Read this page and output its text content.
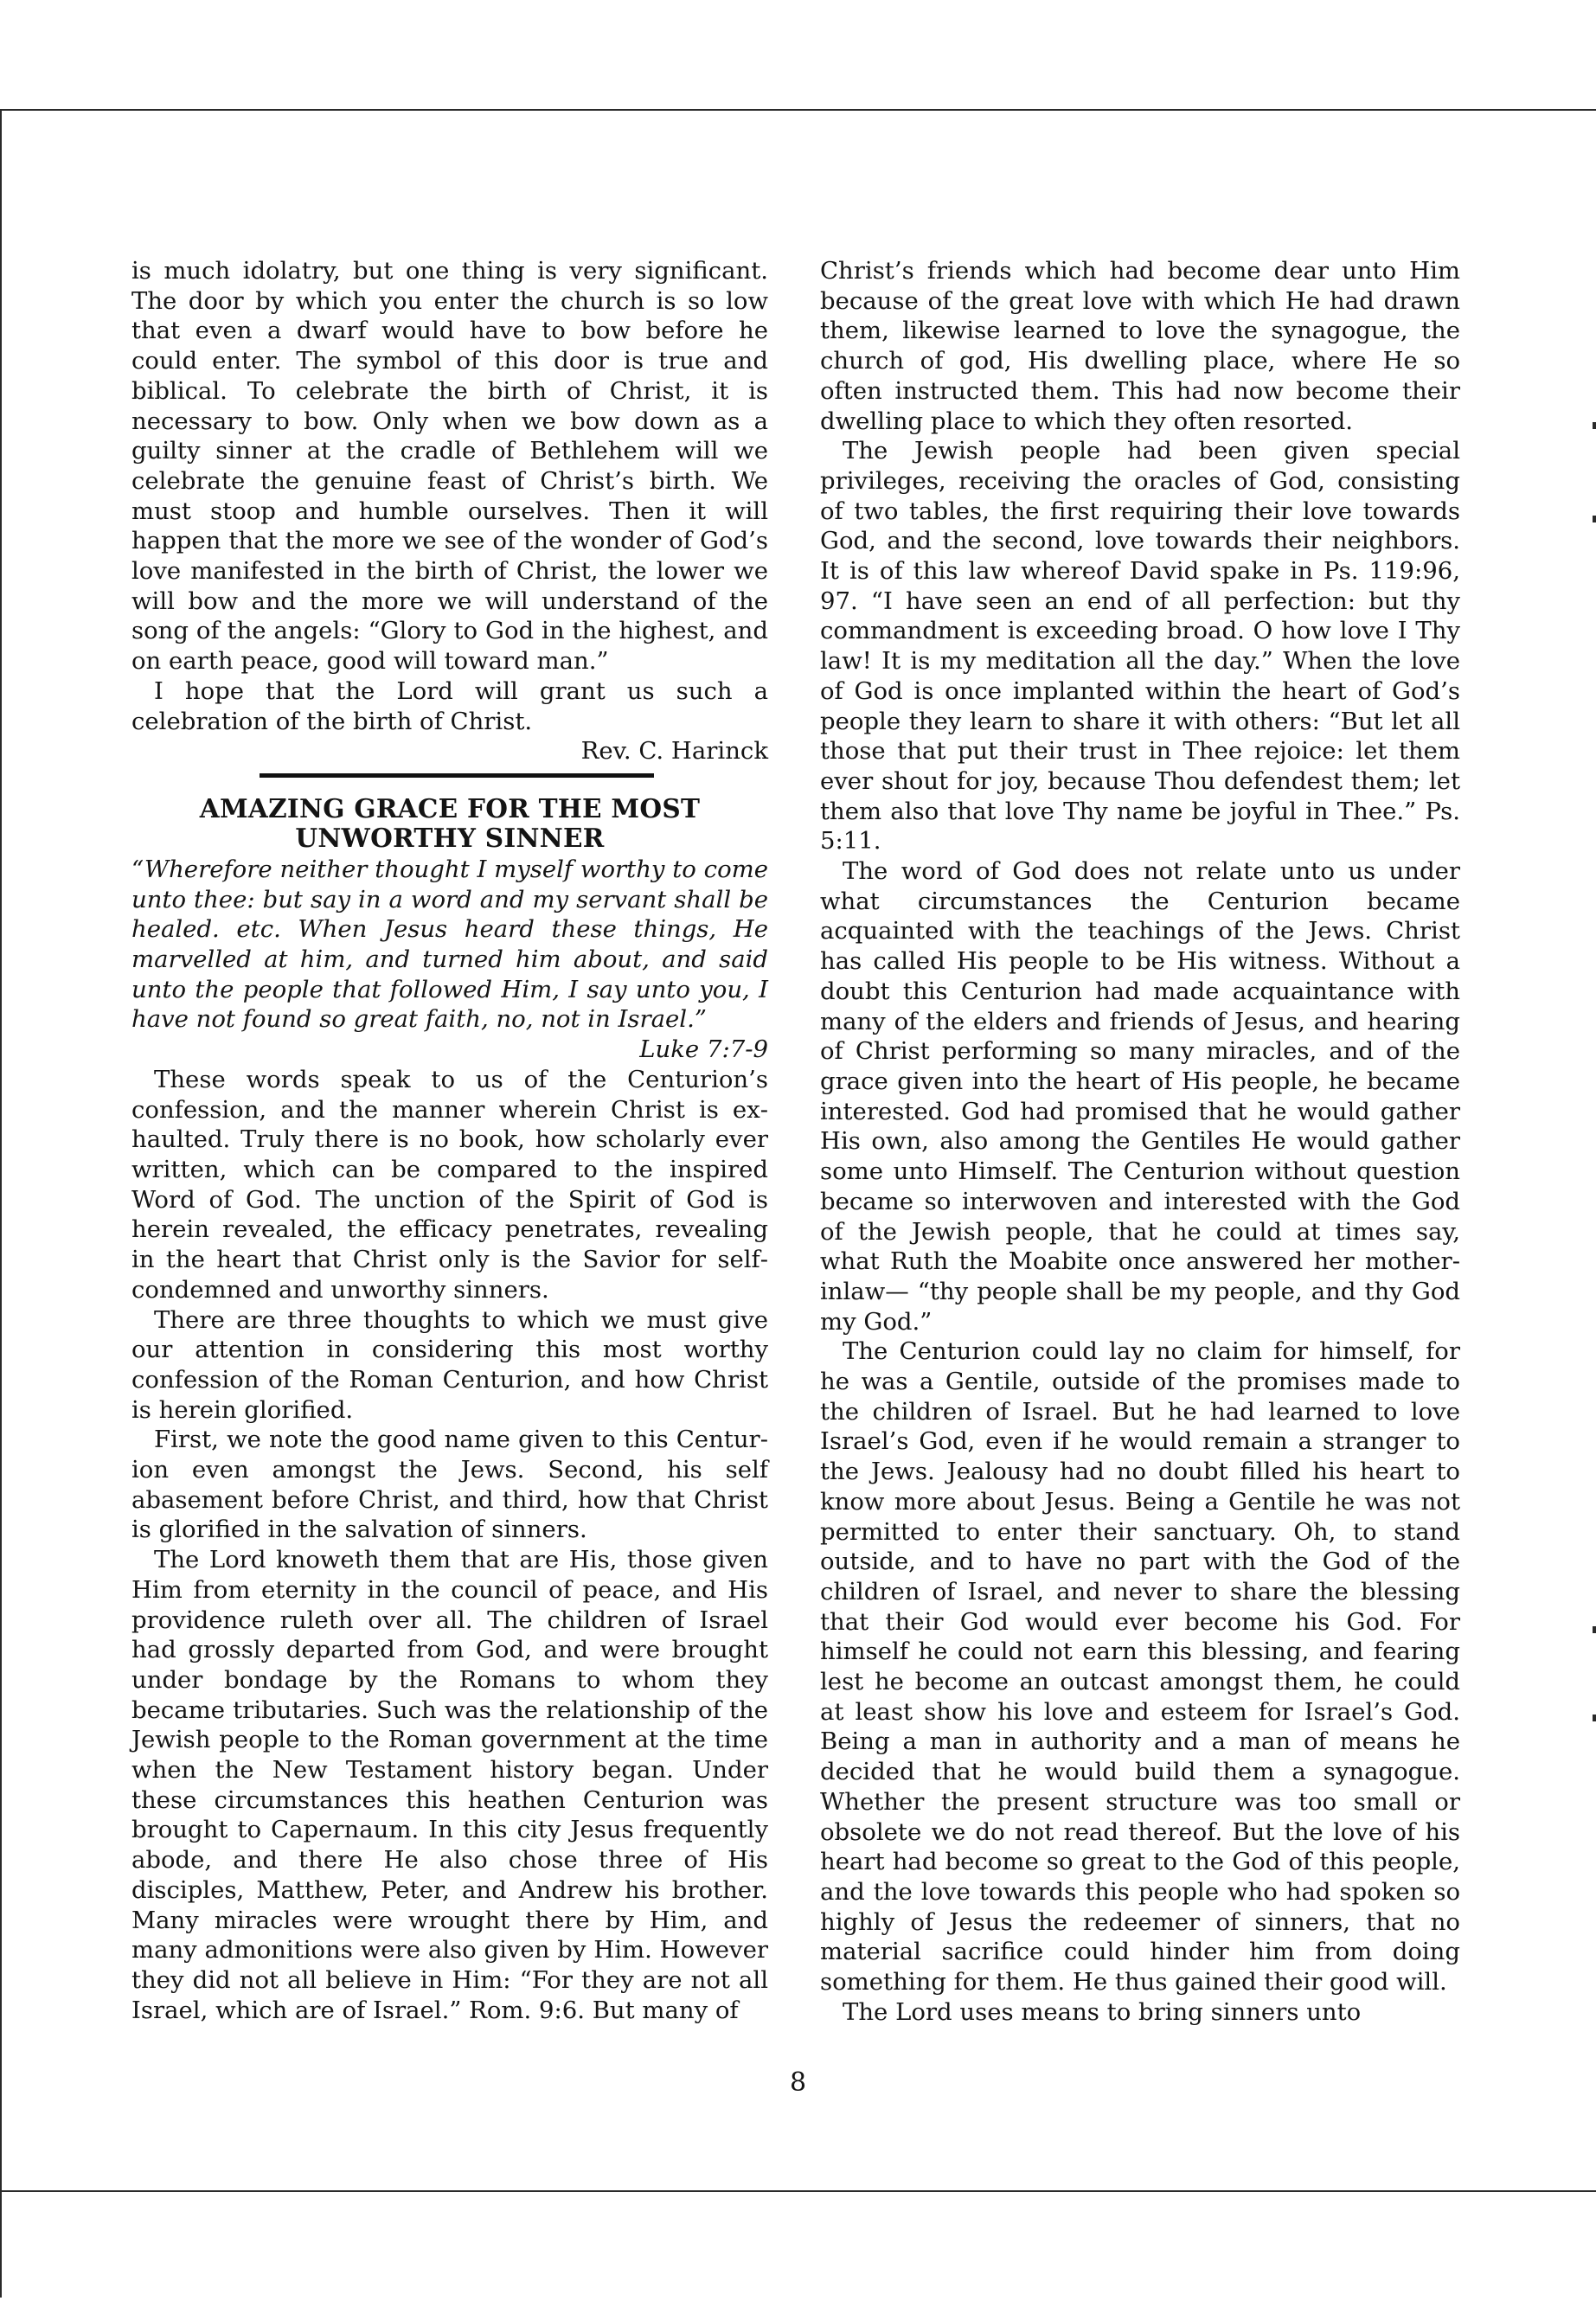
is much idolatry, but one thing is very significant. The door by which you enter the church is so low that even a dwarf would have to bow before he could enter. The symbol of this door is true and biblical. To celebrate the birth of Christ, it is necessary to bow. Only when we bow down as a guilty sinner at the cradle of Bethlehem will we celebrate the genuine feast of Christ’s birth. We must stoop and humble ourselves. Then it will happen that the more we see of the wonder of God’s love manifested in the birth of Christ, the lower we will bow and the more we will understand of the song of the angels: “Glory to God in the highest, and on earth peace, good will toward man.”

I hope that the Lord will grant us such a celebration of the birth of Christ.

Rev. C. Harinck

AMAZING GRACE FOR THE MOST
UNWORTHY SINNER

“Wherefore neither thought I myself worthy to come unto thee: but say in a word and my servant shall be healed. etc. When Jesus heard these things, He marvelled at him, and turned him about, and said unto the people that followed Him, I say unto you, I have not found so great faith, no, not in Israel.”

Luke 7:7-9

These words speak to us of the Centurion’s confession, and the manner wherein Christ is exhaulted. Truly there is no book, how scholarly ever written, which can be compared to the inspired Word of God. The unction of the Spirit of God is herein revealed, the efficacy penetrates, revealing in the heart that Christ only is the Savior for selfcondemned and unworthy sinners.

There are three thoughts to which we must give our attention in considering this most worthy confession of the Roman Centurion, and how Christ is herein glorified.

First, we note the good name given to this Centurion even amongst the Jews. Second, his self abasement before Christ, and third, how that Christ is glorified in the salvation of sinners.

The Lord knoweth them that are His, those given Him from eternity in the council of peace, and His providence ruleth over all. The children of Israel had grossly departed from God, and were brought under bondage by the Romans to whom they became tributaries. Such was the relationship of the Jewish people to the Roman government at the time when the New Testament history began. Under these circumstances this heathen Centurion was brought to Capernaum. In this city Jesus frequently abode, and there He also chose three of His disciples, Matthew, Peter, and Andrew his brother. Many miracles were wrought there by Him, and many admonitions were also given by Him. However they did not all believe in Him: “For they are not all Israel, which are of Israel.” Rom. 9:6. But many of

Christ’s friends which had become dear unto Him because of the great love with which He had drawn them, likewise learned to love the synagogue, the church of god, His dwelling place, where He so often instructed them. This had now become their dwelling place to which they often resorted.

The Jewish people had been given special privileges, receiving the oracles of God, consisting of two tables, the first requiring their love towards God, and the second, love towards their neighbors. It is of this law whereof David spake in Ps. 119:96, 97. “I have seen an end of all perfection: but thy commandment is exceeding broad. O how love I Thy law! It is my meditation all the day.” When the love of God is once implanted within the heart of God’s people they learn to share it with others: “But let all those that put their trust in Thee rejoice: let them ever shout for joy, because Thou defendest them; let them also that love Thy name be joyful in Thee.” Ps. 5:11.

The word of God does not relate unto us under what circumstances the Centurion became acquainted with the teachings of the Jews. Christ has called His people to be His witness. Without a doubt this Centurion had made acquaintance with many of the elders and friends of Jesus, and hearing of Christ performing so many miracles, and of the grace given into the heart of His people, he became interested. God had promised that he would gather His own, also among the Gentiles He would gather some unto Himself. The Centurion without question became so interwoven and interested with the God of the Jewish people, that he could at times say, what Ruth the Moabite once answered her motherinlaw— “thy people shall be my people, and thy God my God.”

The Centurion could lay no claim for himself, for he was a Gentile, outside of the promises made to the children of Israel. But he had learned to love Israel’s God, even if he would remain a stranger to the Jews. Jealousy had no doubt filled his heart to know more about Jesus. Being a Gentile he was not permitted to enter their sanctuary. Oh, to stand outside, and to have no part with the God of the children of Israel, and never to share the blessing that their God would ever become his God. For himself he could not earn this blessing, and fearing lest he become an outcast amongst them, he could at least show his love and esteem for Israel’s God. Being a man in authority and a man of means he decided that he would build them a synagogue. Whether the present structure was too small or obsolete we do not read thereof. But the love of his heart had become so great to the God of this people, and the love towards this people who had spoken so highly of Jesus the redeemer of sinners, that no material sacrifice could hinder him from doing something for them. He thus gained their good will.

The Lord uses means to bring sinners unto

8
